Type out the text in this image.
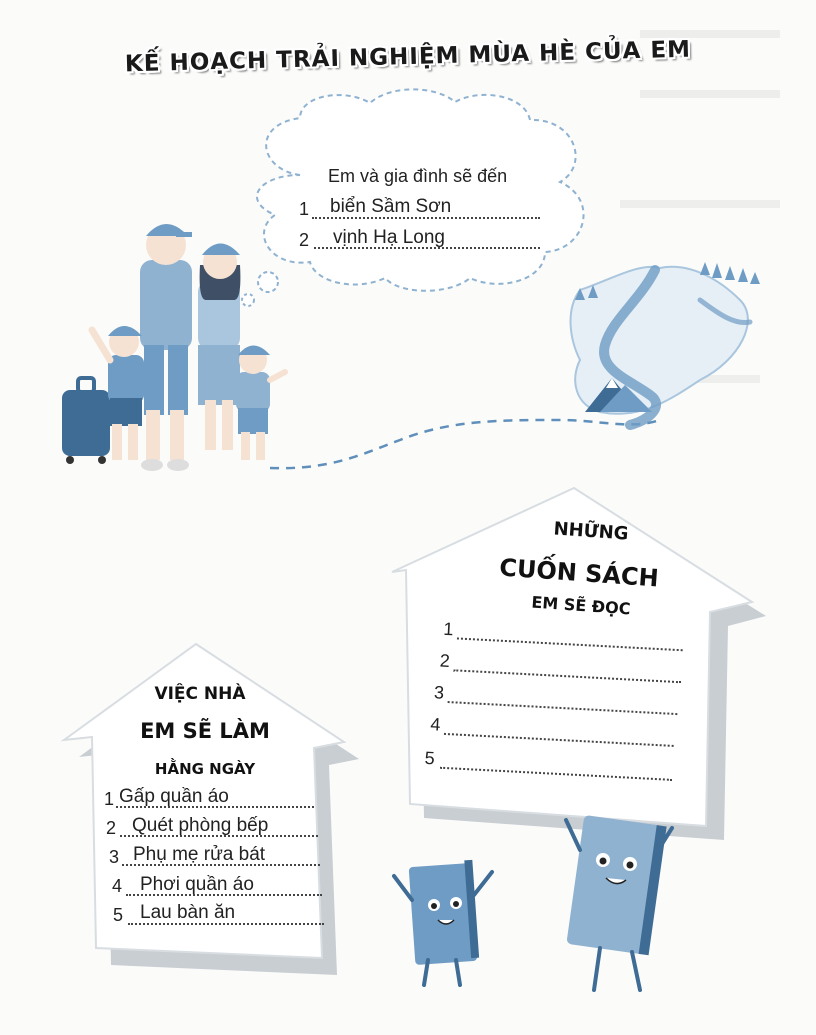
KẾ HOẠCH TRẢI NGHIỆM MÙA HÈ CỦA EM
Em và gia đình sẽ đến
1 biển Sầm Sơn
2 vịnh Hạ Long
NHỮNG
CUỐN SÁCH
EM SẼ ĐỌC
1
2
3
4
5
VIỆC NHÀ
EM SẼ LÀM
HẰNG NGÀY
1 Gấp quần áo
2 Quét phòng bếp
3 Phụ mẹ rửa bát
4 Phơi quần áo
5 Lau bàn ăn
